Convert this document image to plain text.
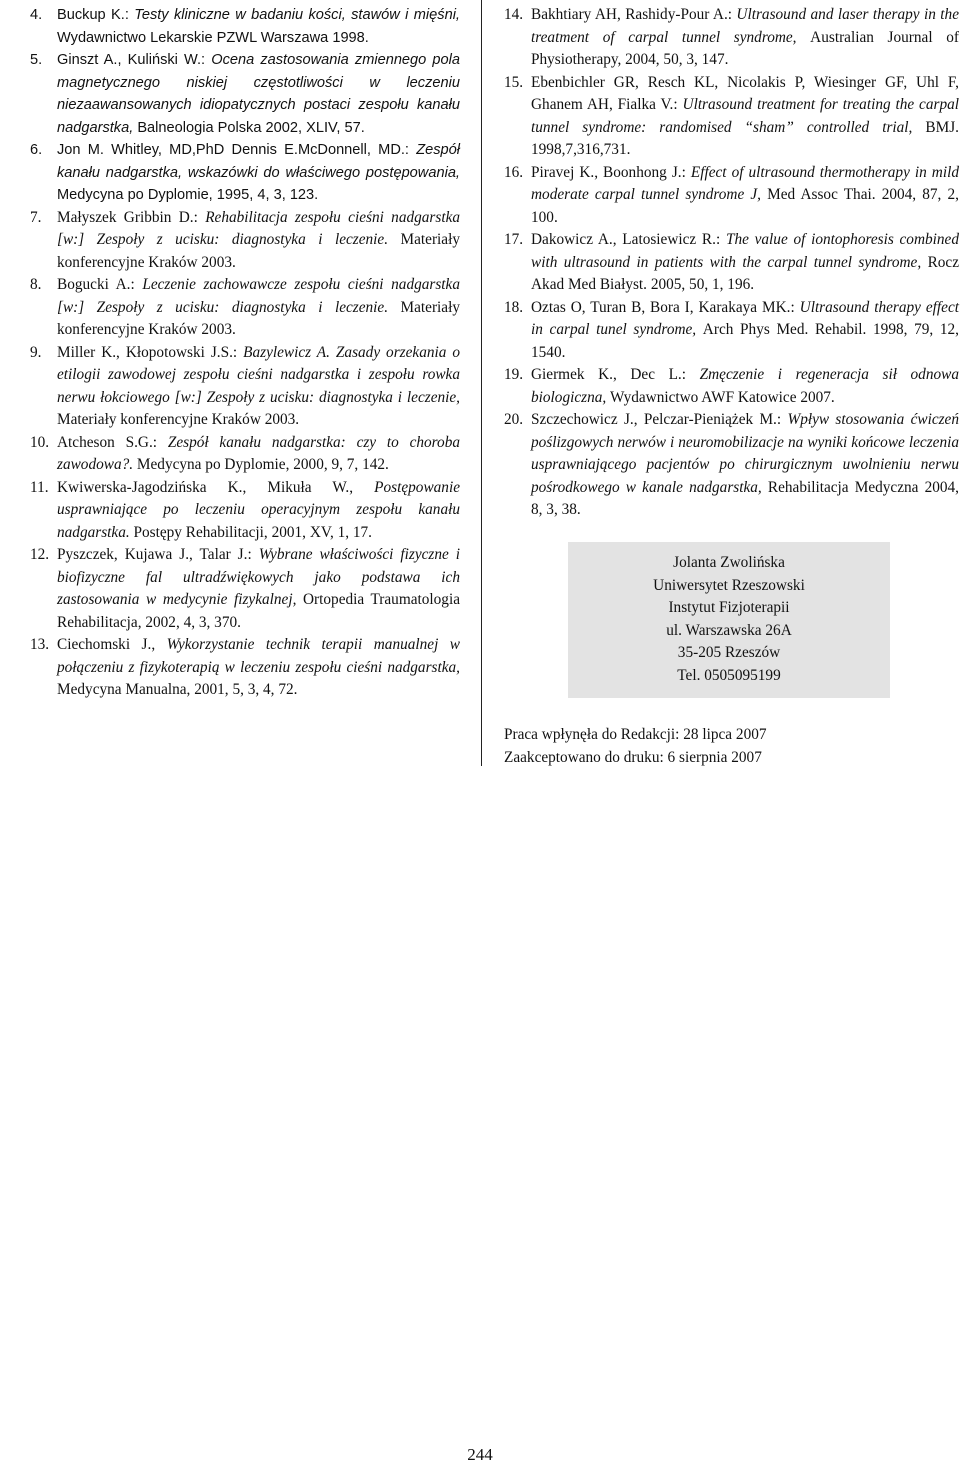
4. Buckup K.: Testy kliniczne w badaniu kości, stawów i mięśni, Wydawnictwo Lekarskie PZWL Warszawa 1998.
5. Ginszt A., Kuliński W.: Ocena zastosowania zmiennego pola magnetycznego niskiej częstotliwości w leczeniu niezaawansowanych idiopatycznych postaci zespołu kanału nadgarstka, Balneologia Polska 2002, XLIV, 57.
6. Jon M. Whitley, MD,PhD Dennis E.McDonnell, MD.: Zespół kanału nadgarstka, wskazówki do właściwego postępowania, Medycyna po Dyplomie, 1995, 4, 3, 123.
7. Małyszek Gribbin D.: Rehabilitacja zespołu cieśni nadgarstka [w:] Zespoły z ucisku: diagnostyka i leczenie. Materiały konferencyjne Kraków 2003.
8. Bogucki A.: Leczenie zachowawcze zespołu cieśni nadgarstka [w:] Zespoły z ucisku: diagnostyka i leczenie. Materiały konferencyjne Kraków 2003.
9. Miller K., Kłopotowski J.S.: Bazylewicz A. Zasady orzekania o etilogii zawodowej zespołu cieśni nadgarstka i zespołu rowka nerwu łokciowego [w:] Zespoły z ucisku: diagnostyka i leczenie, Materiały konferencyjne Kraków 2003.
10. Atcheson S.G.: Zespół kanału nadgarstka: czy to choroba zawodowa?. Medycyna po Dyplomie, 2000, 9, 7, 142.
11. Kwiwerska-Jagodzińska K., Mikuła W., Postępowanie usprawniające po leczeniu operacyjnym zespołu kanału nadgarstka. Postępy Rehabilitacji, 2001, XV, 1, 17.
12. Pyszczek, Kujawa J., Talar J.: Wybrane właściwości fizyczne i biofizyczne fal ultradźwiękowych jako podstawa ich zastosowania w medycynie fizykalnej, Ortopedia Traumatologia Rehabilitacja, 2002, 4, 3, 370.
13. Ciechomski J., Wykorzystanie technik terapii manualnej w połączeniu z fizykoterapią w leczeniu zespołu cieśni nadgarstka, Medycyna Manualna, 2001, 5, 3, 4, 72.
14. Bakhtiary AH, Rashidy-Pour A.: Ultrasound and laser therapy in the treatment of carpal tunnel syndrome, Australian Journal of Physiotherapy, 2004, 50, 3, 147.
15. Ebenbichler GR, Resch KL, Nicolakis P, Wiesinger GF, Uhl F, Ghanem AH, Fialka V.: Ultrasound treatment for treating the carpal tunnel syndrome: randomised “sham” controlled trial, BMJ. 1998,7,316,731.
16. Piravej K., Boonhong J.: Effect of ultrasound thermotherapy in mild moderate carpal tunnel syndrome J, Med Assoc Thai. 2004, 87, 2, 100.
17. Dakowicz A., Latosiewicz R.: The value of iontophoresis combined with ultrasound in patients with the carpal tunnel syndrome, Rocz Akad Med Białyst. 2005, 50, 1, 196.
18. Oztas O, Turan B, Bora I, Karakaya MK.: Ultrasound therapy effect in carpal tunel syndrome, Arch Phys Med. Rehabil. 1998, 79, 12, 1540.
19. Giermek K., Dec L.: Zmęczenie i regeneracja sił odnowa biologiczna, Wydawnictwo AWF Katowice 2007.
20. Szczechowicz J., Pelczar-Pieniążek M.: Wpływ stosowania ćwiczeń poślizgowych nerwów i neuromobilizacje na wyniki końcowe leczenia usprawniającego pacjentów po chirurgicznym uwolnieniu nerwu pośrodkowego w kanale nadgarstka, Rehabilitacja Medyczna 2004, 8, 3, 38.
Jolanta Zwolińska
Uniwersytet Rzeszowski
Instytut Fizjoterapii
ul. Warszawska 26A
35-205 Rzeszów
Tel. 0505095199
Praca wpłynęła do Redakcji: 28 lipca 2007
Zaakceptowano do druku: 6 sierpnia 2007
244
